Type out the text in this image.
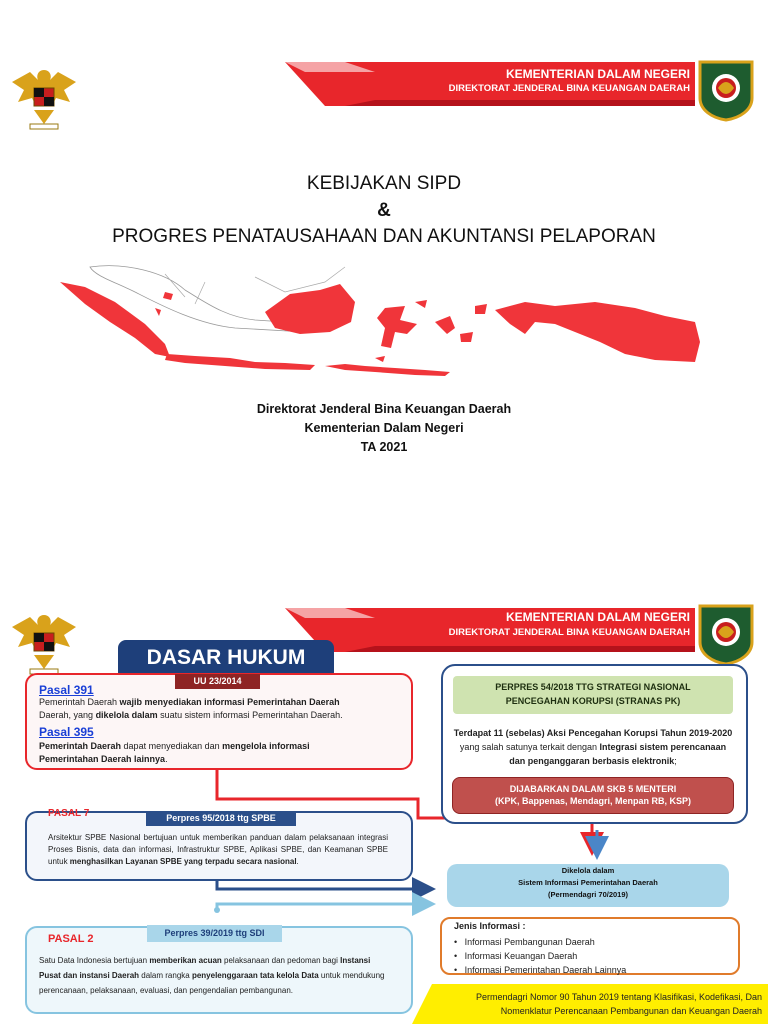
KEMENTERIAN DALAM NEGERI
DIREKTORAT JENDERAL BINA KEUANGAN DAERAH
KEBIJAKAN SIPD
&
PROGRES PENATAUSAHAAN DAN AKUNTANSI PELAPORAN
Direktorat Jenderal Bina Keuangan Daerah
Kementerian Dalam Negeri
TA 2021
KEMENTERIAN DALAM NEGERI
DIREKTORAT JENDERAL BINA KEUANGAN DAERAH
DASAR HUKUM
UU 23/2014
Pasal 391
Pemerintah Daerah wajib menyediakan informasi Pemerintahan Daerah
Daerah, yang dikelola dalam suatu sistem informasi Pemerintahan Daerah.
Pasal 395
Pemerintah Daerah dapat menyediakan dan mengelola informasi
Pemerintahan Daerah lainnya.
PASAL 7	Perpres 95/2018 ttg SPBE
Arsitektur SPBE Nasional bertujuan untuk memberikan panduan dalam pelaksanaan integrasi Proses Bisnis, data dan informasi, Infrastruktur SPBE, Aplikasi SPBE, dan Keamanan SPBE untuk menghasilkan Layanan SPBE yang terpadu secara nasional.
PASAL 2	Perpres 39/2019 ttg SDI
Satu Data Indonesia bertujuan memberikan acuan pelaksanaan dan pedoman bagi Instansi Pusat dan instansi Daerah dalam rangka penyelenggaraan tata kelola Data untuk mendukung perencanaan, pelaksanaan, evaluasi, dan pengendalian pembangunan.
PERPRES 54/2018 TTG STRATEGI NASIONAL PENCEGAHAN KORUPSI (STRANAS PK)
Terdapat 11 (sebelas) Aksi Pencegahan Korupsi Tahun 2019-2020 yang salah satunya terkait dengan Integrasi sistem perencanaan dan penganggaran berbasis elektronik;
DIJABARKAN DALAM SKB 5 MENTERI
(KPK, Bappenas, Mendagri, Menpan RB, KSP)
Dikelola dalam
Sistem Informasi Pemerintahan Daerah
(Permendagri 70/2019)
Jenis Informasi :
•   Informasi Pembangunan Daerah
•   Informasi Keuangan Daerah
•   Informasi Pemerintahan Daerah Lainnya
Permendagri Nomor 90 Tahun 2019 tentang Klasifikasi, Kodefikasi, Dan
Nomenklatur Perencanaan Pembangunan dan Keuangan Daerah
